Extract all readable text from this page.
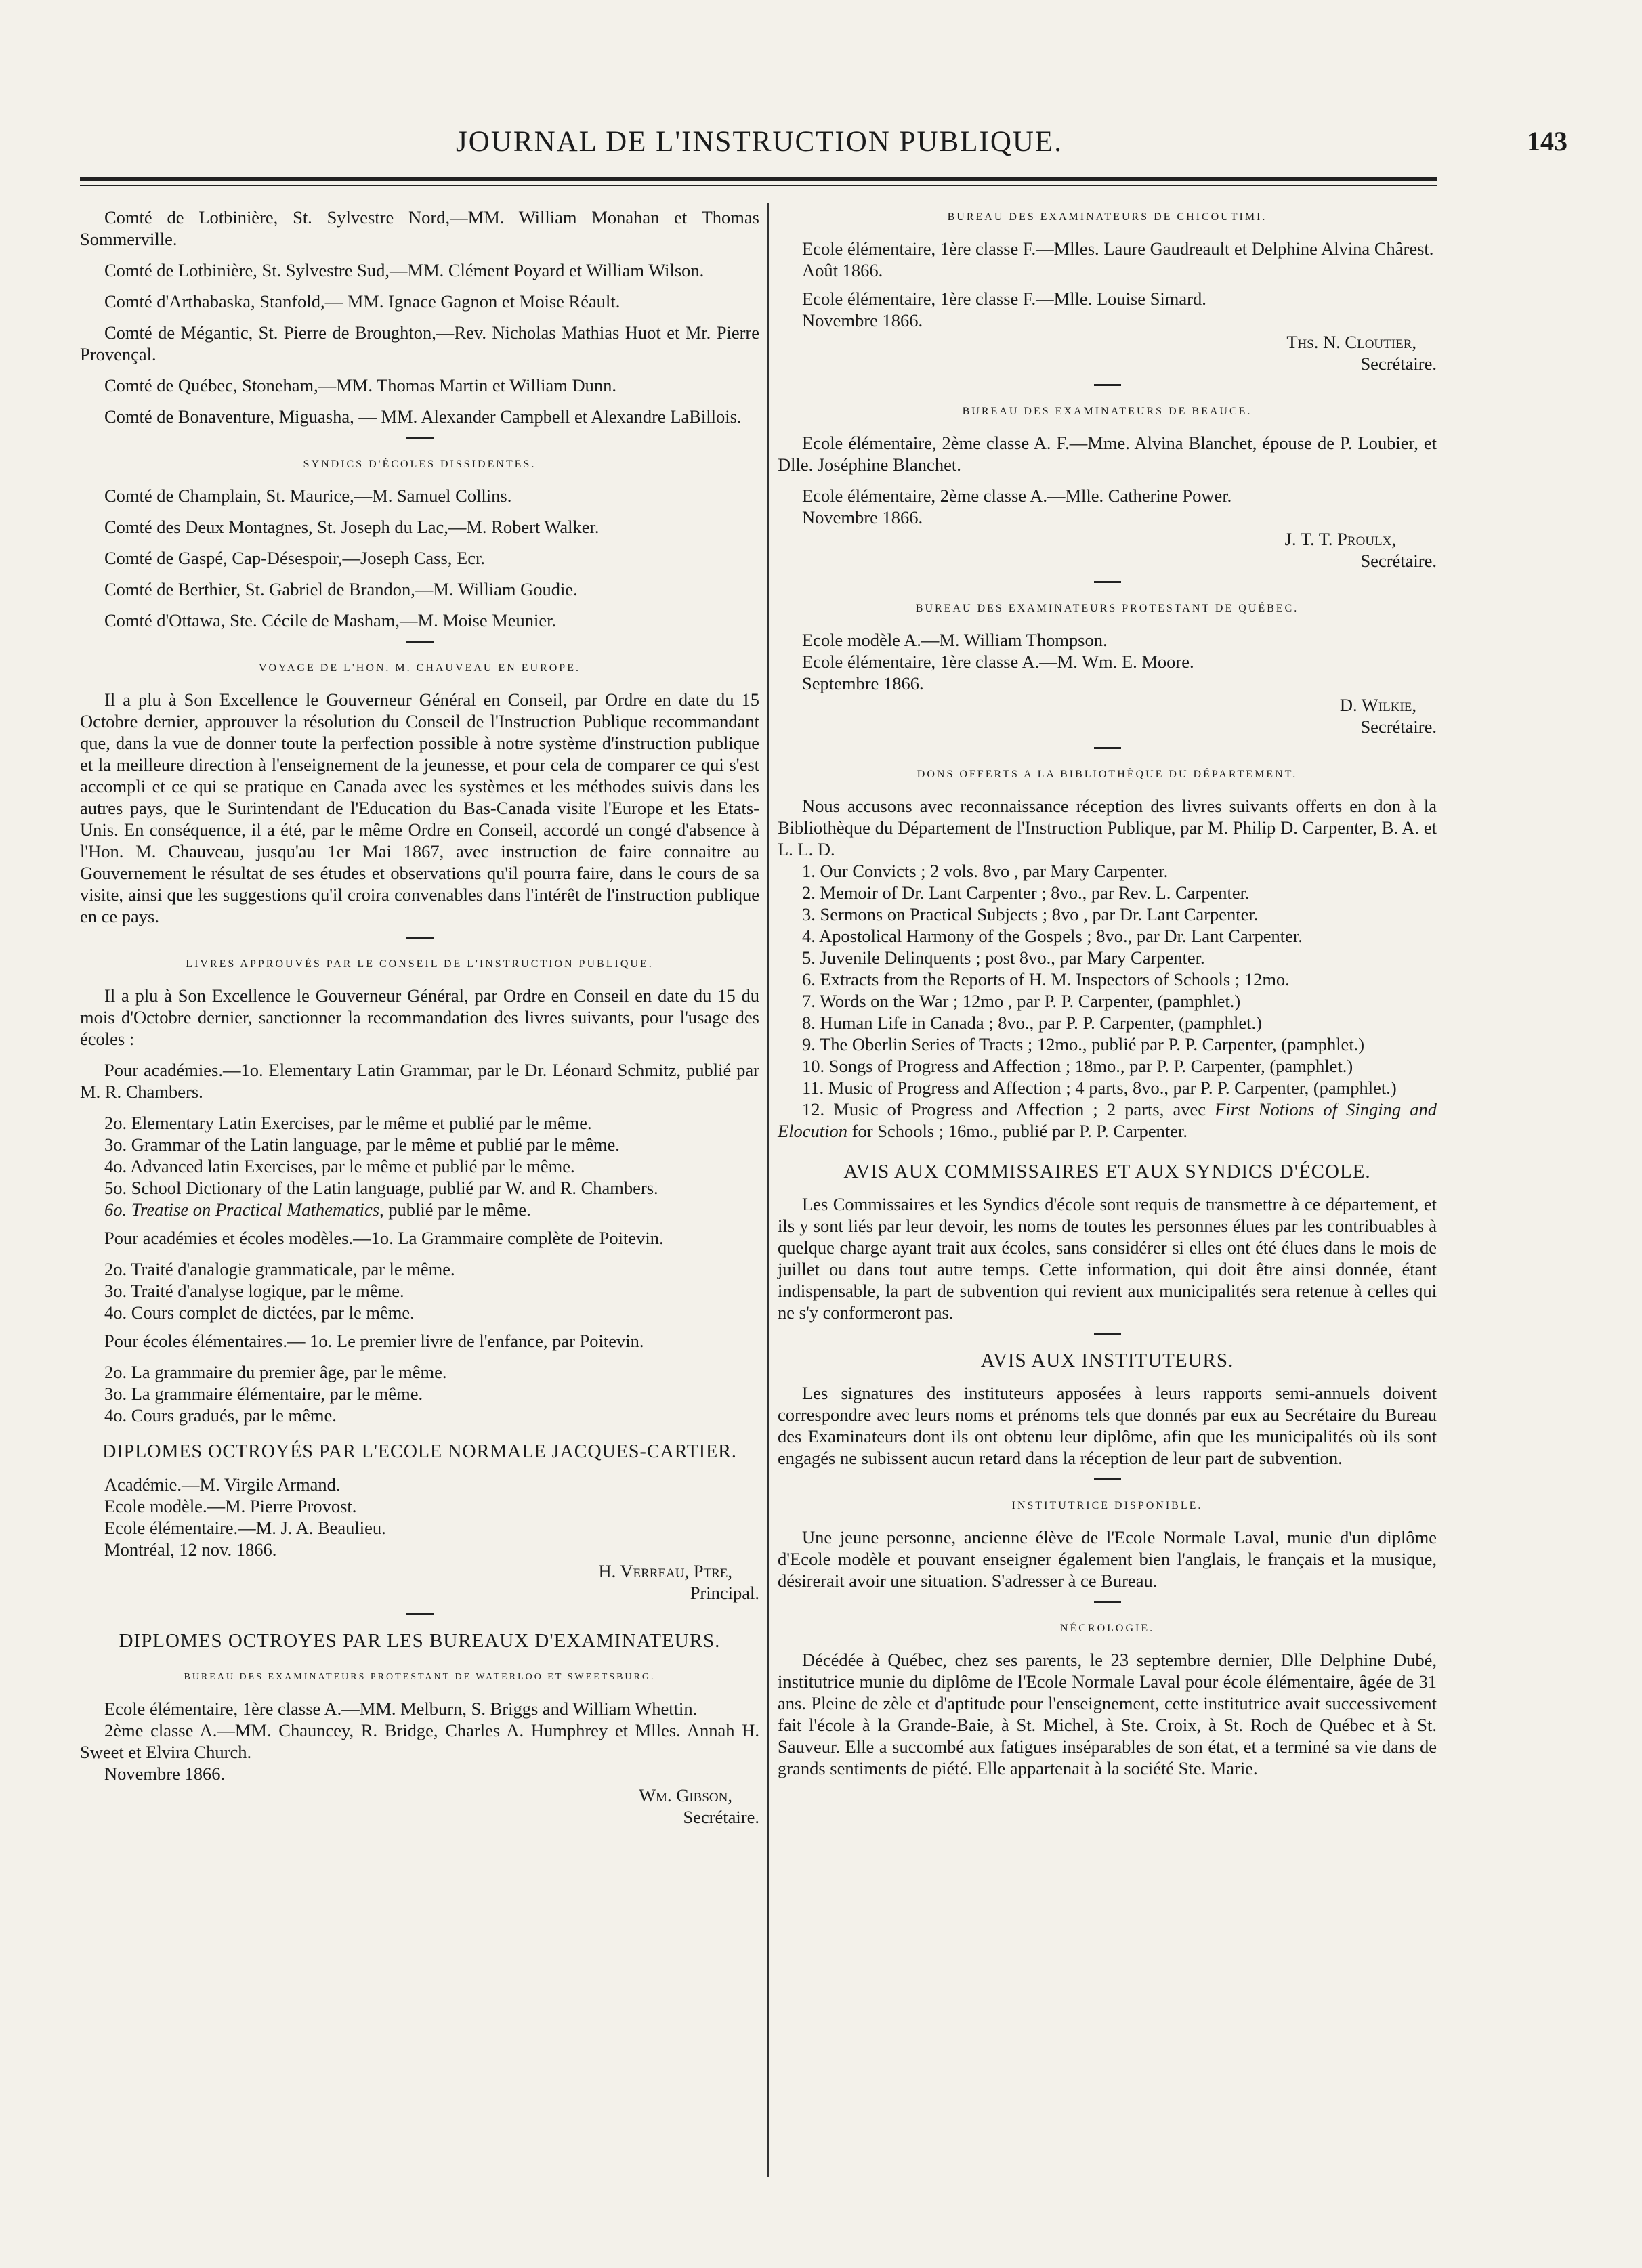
JOURNAL DE L'INSTRUCTION PUBLIQUE.	143

Comté de Lotbinière, St. Sylvestre Nord,—MM. William Monahan et Thomas Sommerville.

Comté de Lotbinière, St. Sylvestre Sud,—MM. Clément Poyard et William Wilson.

Comté d'Arthabaska, Stanfold,— MM. Ignace Gagnon et Moise Réault.

Comté de Mégantic, St. Pierre de Broughton,—Rev. Nicholas Mathias Huot et Mr. Pierre Provençal.

Comté de Québec, Stoneham,—MM. Thomas Martin et William Dunn.

Comté de Bonaventure, Miguasha, — MM. Alexander Campbell et Alexandre LaBillois.

SYNDICS D'ÉCOLES DISSIDENTES.

Comté de Champlain, St. Maurice,—M. Samuel Collins.

Comté des Deux Montagnes, St. Joseph du Lac,—M. Robert Walker.

Comté de Gaspé, Cap-Désespoir,—Joseph Cass, Ecr.

Comté de Berthier, St. Gabriel de Brandon,—M. William Goudie.

Comté d'Ottawa, Ste. Cécile de Masham,—M. Moise Meunier.

VOYAGE DE L'HON. M. CHAUVEAU EN EUROPE.

Il a plu à Son Excellence le Gouverneur Général en Conseil, par Ordre en date du 15 Octobre dernier, approuver la résolution du Conseil de l'Instruction Publique recommandant que, dans la vue de donner toute la perfection possible à notre système d'instruction publique et la meilleure direction à l'enseignement de la jeunesse, et pour cela de comparer ce qui s'est accompli et ce qui se pratique en Canada avec les systèmes et les méthodes suivis dans les autres pays, que le Surintendant de l'Education du Bas-Canada visite l'Europe et les Etats-Unis. En conséquence, il a été, par le même Ordre en Conseil, accordé un congé d'absence à l'Hon. M. Chauveau, jusqu'au 1er Mai 1867, avec instruction de faire connaitre au Gouvernement le résultat de ses études et observations qu'il pourra faire, dans le cours de sa visite, ainsi que les suggestions qu'il croira convenables dans l'intérêt de l'instruction publique en ce pays.

LIVRES APPROUVÉS PAR LE CONSEIL DE L'INSTRUCTION PUBLIQUE.

Il a plu à Son Excellence le Gouverneur Général, par Ordre en Conseil en date du 15 du mois d'Octobre dernier, sanctionner la recommandation des livres suivants, pour l'usage des écoles :

Pour académies.—1o. Elementary Latin Grammar, par le Dr. Léonard Schmitz, publié par M. R. Chambers.

2o. Elementary Latin Exercises, par le même et publié par le même.
3o. Grammar of the Latin language, par le même et publié par le même.
4o. Advanced latin Exercises, par le même et publié par le même.
5o. School Dictionary of the Latin language, publié par W. and R. Chambers.
6o. Treatise on Practical Mathematics, publié par le même.

Pour académies et écoles modèles.—1o. La Grammaire complète de Poitevin.

2o. Traité d'analogie grammaticale, par le même.
3o. Traité d'analyse logique, par le même.
4o. Cours complet de dictées, par le même.

Pour écoles élémentaires.— 1o. Le premier livre de l'enfance, par Poitevin.

2o. La grammaire du premier âge, par le même.
3o. La grammaire élémentaire, par le même.
4o. Cours gradués, par le même.
DIPLOMES OCTROYÉS PAR L'ECOLE NORMALE JACQUES-CARTIER.
Académie.—M. Virgile Armand.
Ecole modèle.—M. Pierre Provost.
Ecole élémentaire.—M. J. A. Beaulieu.
Montréal, 12 nov. 1866.
H. Verreau, Ptre,
Principal.
DIPLOMES OCTROYES PAR LES BUREAUX D'EXAMINATEURS.
BUREAU DES EXAMINATEURS PROTESTANT DE WATERLOO ET SWEETSBURG.

Ecole élémentaire, 1ère classe A.—MM. Melburn, S. Briggs and William Whettin.

2ème classe A.—MM. Chauncey, R. Bridge, Charles A. Humphrey et Mlles. Annah H. Sweet et Elvira Church.

Novembre 1866.
Wm. Gibson,
Secrétaire.
BUREAU DES EXAMINATEURS DE CHICOUTIMI.

Ecole élémentaire, 1ère classe F.—Mlles. Laure Gaudreault et Delphine Alvina Chârest.

Août 1866.

Ecole élémentaire, 1ère classe F.—Mlle. Louise Simard.

Novembre 1866.
Ths. N. Cloutier,
Secrétaire.
BUREAU DES EXAMINATEURS DE BEAUCE.

Ecole élémentaire, 2ème classe A. F.—Mme. Alvina Blanchet, épouse de P. Loubier, et Dlle. Joséphine Blanchet.

Ecole élémentaire, 2ème classe A.—Mlle. Catherine Power.

Novembre 1866.
J. T. T. Proulx,
Secrétaire.
BUREAU DES EXAMINATEURS PROTESTANT DE QUÉBEC.
Ecole modèle A.—M. William Thompson.
Ecole élémentaire, 1ère classe A.—M. Wm. E. Moore.
Septembre 1866.
D. Wilkie,
Secrétaire.
DONS OFFERTS A LA BIBLIOTHÈQUE DU DÉPARTEMENT.

Nous accusons avec reconnaissance réception des livres suivants offerts en don à la Bibliothèque du Département de l'Instruction Publique, par M. Philip D. Carpenter, B. A. et L. L. D.

1. Our Convicts ; 2 vols. 8vo , par Mary Carpenter.
2. Memoir of Dr. Lant Carpenter ; 8vo., par Rev. L. Carpenter.
3. Sermons on Practical Subjects ; 8vo , par Dr. Lant Carpenter.
4. Apostolical Harmony of the Gospels ; 8vo., par Dr. Lant Carpenter.
5. Juvenile Delinquents ; post 8vo., par Mary Carpenter.
6. Extracts from the Reports of H. M. Inspectors of Schools ; 12mo.
7. Words on the War ; 12mo , par P. P. Carpenter, (pamphlet.)
8. Human Life in Canada ; 8vo., par P. P. Carpenter, (pamphlet.)
9. The Oberlin Series of Tracts ; 12mo., publié par P. P. Carpenter, (pamphlet.)
10. Songs of Progress and Affection ; 18mo., par P. P. Carpenter, (pamphlet.)
11. Music of Progress and Affection ; 4 parts, 8vo., par P. P. Carpenter, (pamphlet.)
12. Music of Progress and Affection ; 2 parts, avec First Notions of Singing and Elocution for Schools ; 16mo., publié par P. P. Carpenter.
AVIS AUX COMMISSAIRES ET AUX SYNDICS D'ÉCOLE.

Les Commissaires et les Syndics d'école sont requis de transmettre à ce département, et ils y sont liés par leur devoir, les noms de toutes les personnes élues par les contribuables à quelque charge ayant trait aux écoles, sans considérer si elles ont été élues dans le mois de juillet ou dans tout autre temps. Cette information, qui doit être ainsi donnée, étant indispensable, la part de subvention qui revient aux municipalités sera retenue à celles qui ne s'y conformeront pas.

AVIS AUX INSTITUTEURS.

Les signatures des instituteurs apposées à leurs rapports semi-annuels doivent correspondre avec leurs noms et prénoms tels que donnés par eux au Secrétaire du Bureau des Examinateurs dont ils ont obtenu leur diplôme, afin que les municipalités où ils sont engagés ne subissent aucun retard dans la réception de leur part de subvention.

INSTITUTRICE DISPONIBLE.

Une jeune personne, ancienne élève de l'Ecole Normale Laval, munie d'un diplôme d'Ecole modèle et pouvant enseigner également bien l'anglais, le français et la musique, désirerait avoir une situation. S'adresser à ce Bureau.

NÉCROLOGIE.

Décédée à Québec, chez ses parents, le 23 septembre dernier, Dlle Delphine Dubé, institutrice munie du diplôme de l'Ecole Normale Laval pour école élémentaire, âgée de 31 ans. Pleine de zèle et d'aptitude pour l'enseignement, cette institutrice avait successivement fait l'école à la Grande-Baie, à St. Michel, à Ste. Croix, à St. Roch de Québec et à St. Sauveur. Elle a succombé aux fatigues inséparables de son état, et a terminé sa vie dans de grands sentiments de piété. Elle appartenait à la société Ste. Marie.
